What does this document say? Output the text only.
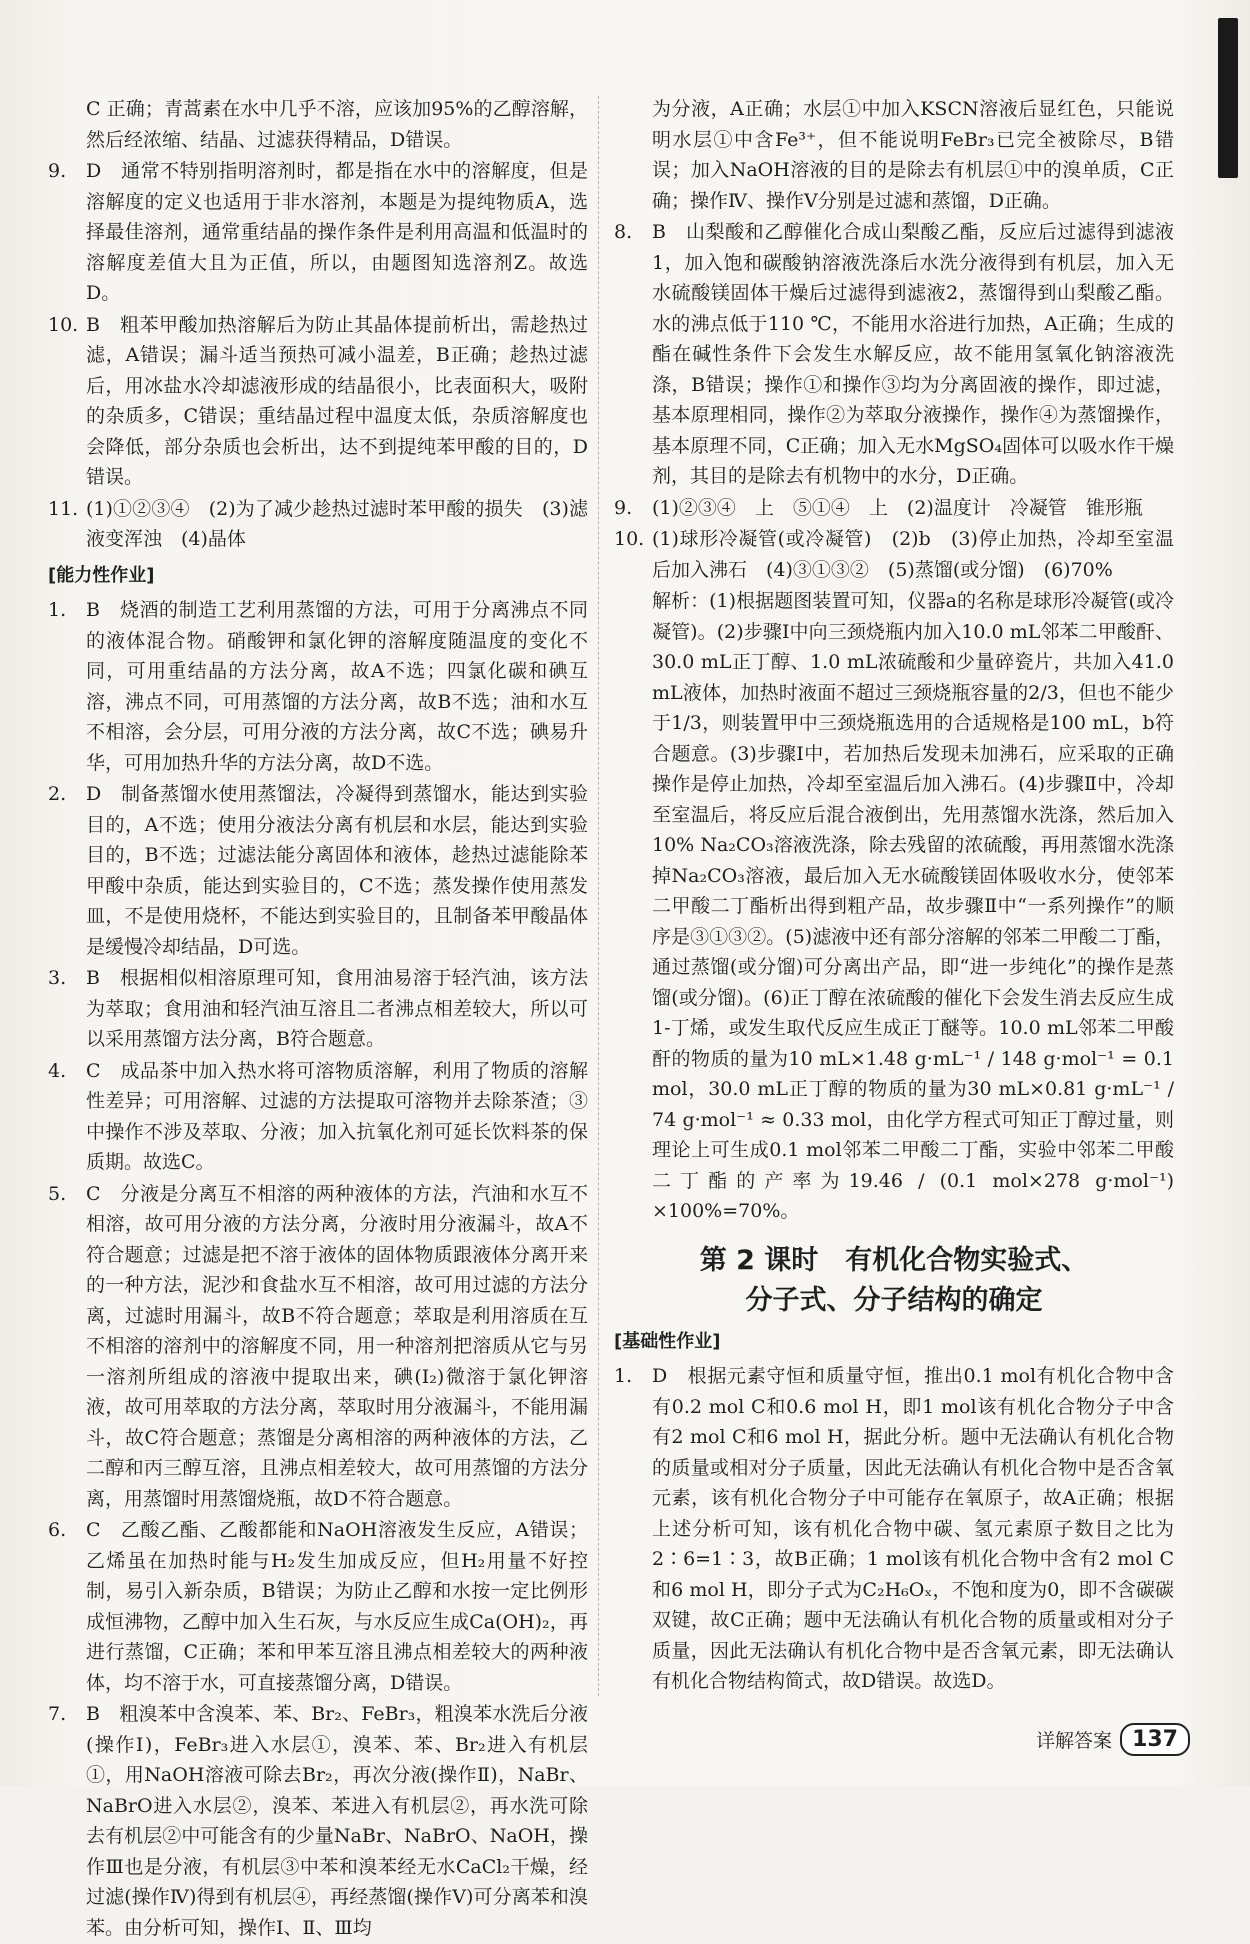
C 正确；青蒿素在水中几乎不溶，应该加95%的乙醇溶解，然后经浓缩、结晶、过滤获得精品，D错误。
9. D　通常不特别指明溶剂时，都是指在水中的溶解度，但是溶解度的定义也适用于非水溶剂，本题是为提纯物质A，选择最佳溶剂，通常重结晶的操作条件是利用高温和低温时的溶解度差值大且为正值，所以，由题图知选溶剂Z。故选D。
10. B　粗苯甲酸加热溶解后为防止其晶体提前析出，需趁热过滤，A错误；漏斗适当预热可减小温差，B正确；趁热过滤后，用冰盐水冷却滤液形成的结晶很小，比表面积大，吸附的杂质多，C错误；重结晶过程中温度太低，杂质溶解度也会降低，部分杂质也会析出，达不到提纯苯甲酸的目的，D错误。
11. (1)①②③④　(2)为了减少趁热过滤时苯甲酸的损失　(3)滤液变浑浊　(4)晶体
[能力性作业]
1. B　烧酒的制造工艺利用蒸馏的方法，可用于分离沸点不同的液体混合物。硝酸钾和氯化钾的溶解度随温度的变化不同，可用重结晶的方法分离，故A不选；四氯化碳和碘互溶，沸点不同，可用蒸馏的方法分离，故B不选；油和水互不相溶，会分层，可用分液的方法分离，故C不选；碘易升华，可用加热升华的方法分离，故D不选。
2. D　制备蒸馏水使用蒸馏法，冷凝得到蒸馏水，能达到实验目的，A不选；使用分液法分离有机层和水层，能达到实验目的，B不选；过滤法能分离固体和液体，趁热过滤能除苯甲酸中杂质，能达到实验目的，C不选；蒸发操作使用蒸发皿，不是使用烧杯，不能达到实验目的，且制备苯甲酸晶体是缓慢冷却结晶，D可选。
3. B　根据相似相溶原理可知，食用油易溶于轻汽油，该方法为萃取；食用油和轻汽油互溶且二者沸点相差较大，所以可以采用蒸馏方法分离，B符合题意。
4. C　成品茶中加入热水将可溶物质溶解，利用了物质的溶解性差异；可用溶解、过滤的方法提取可溶物并去除茶渣；③中操作不涉及萃取、分液；加入抗氧化剂可延长饮料茶的保质期。故选C。
5. C　分液是分离互不相溶的两种液体的方法，汽油和水互不相溶，故可用分液的方法分离，分液时用分液漏斗，故A不符合题意；过滤是把不溶于液体的固体物质跟液体分离开来的一种方法，泥沙和食盐水互不相溶，故可用过滤的方法分离，过滤时用漏斗，故B不符合题意；萃取是利用溶质在互不相溶的溶剂中的溶解度不同，用一种溶剂把溶质从它与另一溶剂所组成的溶液中提取出来，碘(I₂)微溶于氯化钾溶液，故可用萃取的方法分离，萃取时用分液漏斗，不能用漏斗，故C符合题意；蒸馏是分离相溶的两种液体的方法，乙二醇和丙三醇互溶，且沸点相差较大，故可用蒸馏的方法分离，用蒸馏时用蒸馏烧瓶，故D不符合题意。
6. C　乙酸乙酯、乙酸都能和NaOH溶液发生反应，A错误；乙烯虽在加热时能与H₂发生加成反应，但H₂用量不好控制，易引入新杂质，B错误；为防止乙醇和水按一定比例形成恒沸物，乙醇中加入生石灰，与水反应生成Ca(OH)₂，再进行蒸馏，C正确；苯和甲苯互溶且沸点相差较大的两种液体，均不溶于水，可直接蒸馏分离，D错误。
7. B　粗溴苯中含溴苯、苯、Br₂、FeBr₃，粗溴苯水洗后分液(操作Ⅰ)，FeBr₃进入水层①，溴苯、苯、Br₂进入有机层①，用NaOH溶液可除去Br₂，再次分液(操作Ⅱ)，NaBr、NaBrO进入水层②，溴苯、苯进入有机层②，再水洗可除去有机层②中可能含有的少量NaBr、NaBrO、NaOH，操作Ⅲ也是分液，有机层③中苯和溴苯经无水CaCl₂干燥，经过滤(操作Ⅳ)得到有机层④，再经蒸馏(操作Ⅴ)可分离苯和溴苯。由分析可知，操作Ⅰ、Ⅱ、Ⅲ均
为分液，A正确；水层①中加入KSCN溶液后显红色，只能说明水层①中含Fe³⁺，但不能说明FeBr₃已完全被除尽，B错误；加入NaOH溶液的目的是除去有机层①中的溴单质，C正确；操作Ⅳ、操作Ⅴ分别是过滤和蒸馏，D正确。
8. B　山梨酸和乙醇催化合成山梨酸乙酯，反应后过滤得到滤液1，加入饱和碳酸钠溶液洗涤后水洗分液得到有机层，加入无水硫酸镁固体干燥后过滤得到滤液2，蒸馏得到山梨酸乙酯。水的沸点低于110 ℃，不能用水浴进行加热，A正确；生成的酯在碱性条件下会发生水解反应，故不能用氢氧化钠溶液洗涤，B错误；操作①和操作③均为分离固液的操作，即过滤，基本原理相同，操作②为萃取分液操作，操作④为蒸馏操作，基本原理不同，C正确；加入无水MgSO₄固体可以吸水作干燥剂，其目的是除去有机物中的水分，D正确。
9. (1)②③④　上　⑤①④　上　(2)温度计　冷凝管　锥形瓶
10. (1)球形冷凝管(或冷凝管)　(2)b　(3)停止加热，冷却至室温后加入沸石　(4)③①③②　(5)蒸馏(或分馏)　(6)70%
解析：(1)根据题图装置可知，仪器a的名称是球形冷凝管(或冷凝管)。(2)步骤Ⅰ中向三颈烧瓶内加入10.0 mL邻苯二甲酸酐、30.0 mL正丁醇、1.0 mL浓硫酸和少量碎瓷片，共加入41.0 mL液体，加热时液面不超过三颈烧瓶容量的2/3，但也不能少于1/3，则装置甲中三颈烧瓶选用的合适规格是100 mL，b符合题意。(3)步骤Ⅰ中，若加热后发现未加沸石，应采取的正确操作是停止加热，冷却至室温后加入沸石。(4)步骤Ⅱ中，冷却至室温后，将反应后混合液倒出，先用蒸馏水洗涤，然后加入10% Na₂CO₃溶液洗涤，除去残留的浓硫酸，再用蒸馏水洗涤掉Na₂CO₃溶液，最后加入无水硫酸镁固体吸收水分，使邻苯二甲酸二丁酯析出得到粗产品，故步骤Ⅱ中“一系列操作”的顺序是③①③②。(5)滤液中还有部分溶解的邻苯二甲酸二丁酯，通过蒸馏(或分馏)可分离出产品，即“进一步纯化”的操作是蒸馏(或分馏)。(6)正丁醇在浓硫酸的催化下会发生消去反应生成1-丁烯，或发生取代反应生成正丁醚等。10.0 mL邻苯二甲酸酐的物质的量为10 mL×1.48 g·mL⁻¹ / 148 g·mol⁻¹ = 0.1 mol，30.0 mL正丁醇的物质的量为30 mL×0.81 g·mL⁻¹ / 74 g·mol⁻¹ ≈ 0.33 mol，由化学方程式可知正丁醇过量，则理论上可生成0.1 mol邻苯二甲酸二丁酯，实验中邻苯二甲酸二丁酯的产率为19.46 / (0.1 mol×278 g·mol⁻¹) ×100%=70%。
第 2 课时　有机化合物实验式、
分子式、分子结构的确定
[基础性作业]
1. D　根据元素守恒和质量守恒，推出0.1 mol有机化合物中含有0.2 mol C和0.6 mol H，即1 mol该有机化合物分子中含有2 mol C和6 mol H，据此分析。题中无法确认有机化合物的质量或相对分子质量，因此无法确认有机化合物中是否含氧元素，该有机化合物分子中可能存在氧原子，故A正确；根据上述分析可知，该有机化合物中碳、氢元素原子数目之比为2∶6=1∶3，故B正确；1 mol该有机化合物中含有2 mol C和6 mol H，即分子式为C₂H₆Oₓ，不饱和度为0，即不含碳碳双键，故C正确；题中无法确认有机化合物的质量或相对分子质量，因此无法确认有机化合物中是否含氧元素，即无法确认有机化合物结构简式，故D错误。故选D。
详解答案 137
